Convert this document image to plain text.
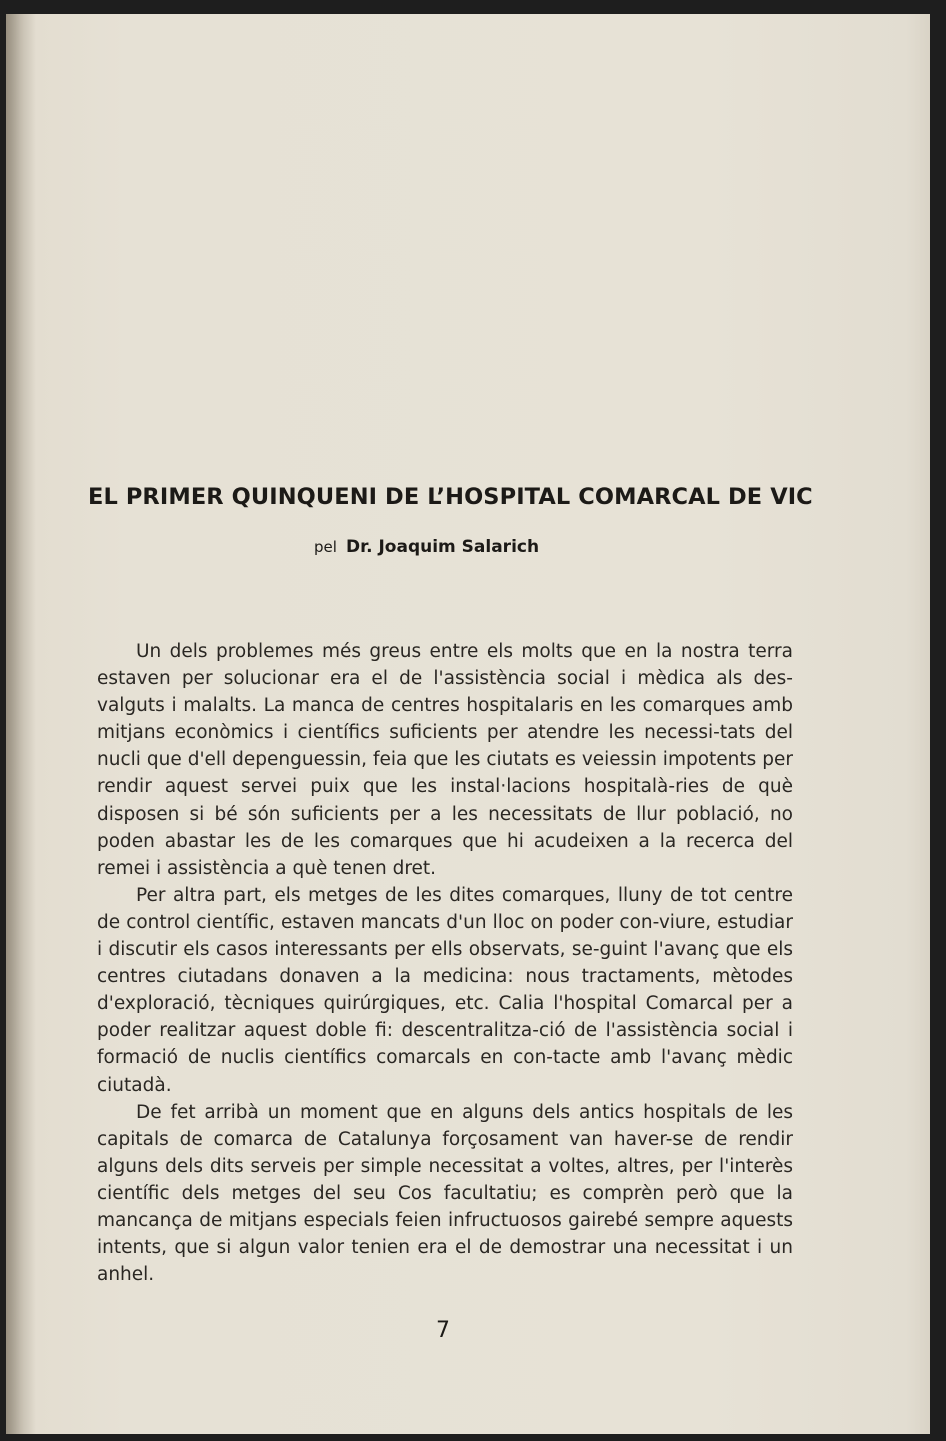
EL PRIMER QUINQUENI DE L’HOSPITAL COMARCAL DE VIC
pel Dr. Joaquim Salarich

Un dels problemes més greus entre els molts que en la nostra terra estaven per solucionar era el de l'assistència social i mèdica als des-valguts i malalts. La manca de centres hospitalaris en les comarques amb mitjans econòmics i científics suficients per atendre les necessi-tats del nucli que d'ell depenguessin, feia que les ciutats es veiessin impotents per rendir aquest servei puix que les instal·lacions hospitalà-ries de què disposen si bé són suficients per a les necessitats de llur població, no poden abastar les de les comarques que hi acudeixen a la recerca del remei i assistència a què tenen dret.

Per altra part, els metges de les dites comarques, lluny de tot centre de control científic, estaven mancats d'un lloc on poder con-viure, estudiar i discutir els casos interessants per ells observats, se-guint l'avanç que els centres ciutadans donaven a la medicina: nous tractaments, mètodes d'exploració, tècniques quirúrgiques, etc. Calia l'hospital Comarcal per a poder realitzar aquest doble fi: descentralitza-ció de l'assistència social i formació de nuclis científics comarcals en con-tacte amb l'avanç mèdic ciutadà.

De fet arribà un moment que en alguns dels antics hospitals de les capitals de comarca de Catalunya forçosament van haver-se de rendir alguns dels dits serveis per simple necessitat a voltes, altres, per l'interès científic dels metges del seu Cos facultatiu; es comprèn però que la mancança de mitjans especials feien infructuosos gairebé sempre aquests intents, que si algun valor tenien era el de demostrar una necessitat i un anhel.

7
